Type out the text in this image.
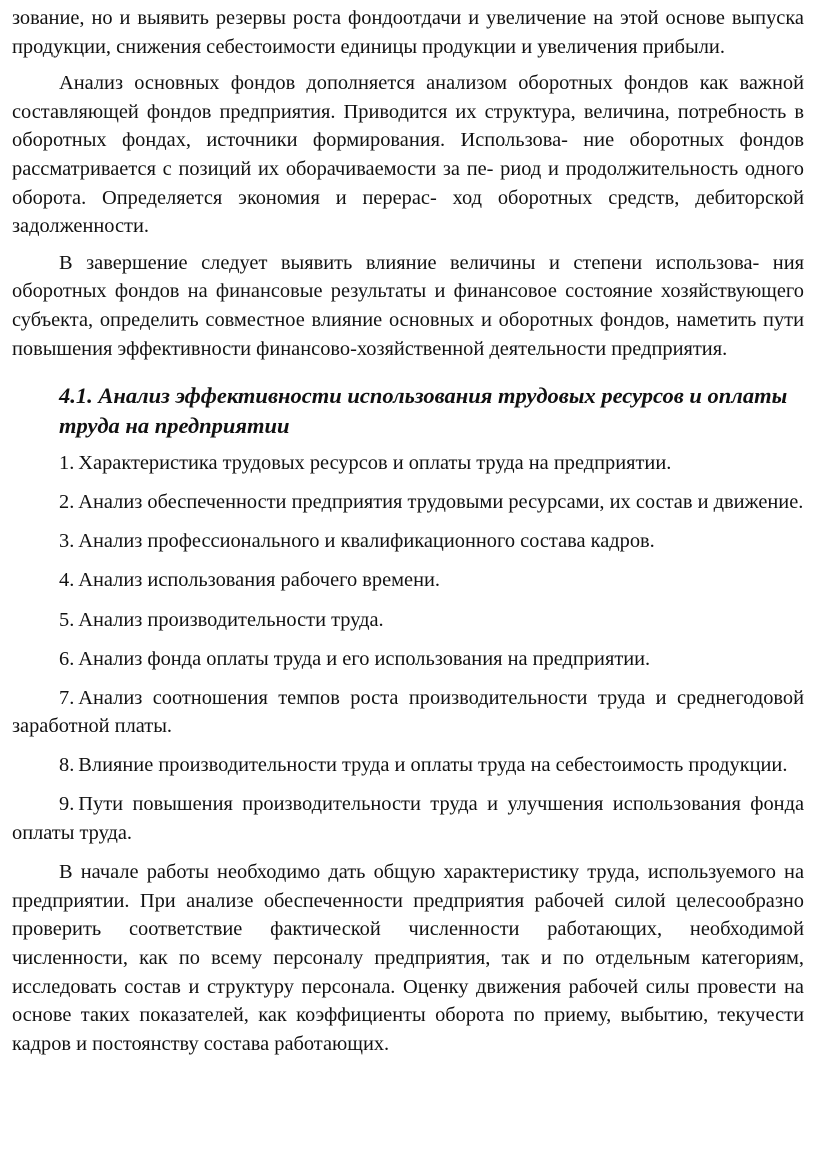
зование, но и выявить резервы роста фондоотдачи и увеличение на этой основе выпуска продукции, снижения себестоимости единицы продукции и увеличения прибыли.

Анализ основных фондов дополняется анализом оборотных фондов как важной составляющей фондов предприятия. Приводится их структура, величина, потребность в оборотных фондах, источники формирования. Использова- ние оборотных фондов рассматривается с позиций их оборачиваемости за пе- риод и продолжительность одного оборота. Определяется экономия и перерас- ход оборотных средств, дебиторской задолженности.

В завершение следует выявить влияние величины и степени использова- ния оборотных фондов на финансовые результаты и финансовое состояние хозяйствующего субъекта, определить совместное влияние основных и оборотных фондов, наметить пути повышения эффективности финансово-хозяйственной деятельности предприятия.

4.1. Анализ эффективности использования трудовых ресурсов и оплаты труда на предприятии

1. Характеристика трудовых ресурсов и оплаты труда на предприятии.

2. Анализ обеспеченности предприятия трудовыми ресурсами, их состав и движение.

3. Анализ профессионального и квалификационного состава кадров.

4. Анализ использования рабочего времени.

5. Анализ производительности труда.

6. Анализ фонда оплаты труда и его использования на предприятии.

7. Анализ соотношения темпов роста производительности труда и среднегодовой заработной платы.

8. Влияние производительности труда и оплаты труда на себестоимость продукции.

9. Пути повышения производительности труда и улучшения использования фонда оплаты труда.

В начале работы необходимо дать общую характеристику труда, используемого на предприятии. При анализе обеспеченности предприятия рабочей силой целесообразно проверить соответствие фактической численности работающих, необходимой численности, как по всему персоналу предприятия, так и по отдельным категориям, исследовать состав и структуру персонала. Оценку движения рабочей силы провести на основе таких показателей, как коэффициенты оборота по приему, выбытию, текучести кадров и постоянству состава работающих.
